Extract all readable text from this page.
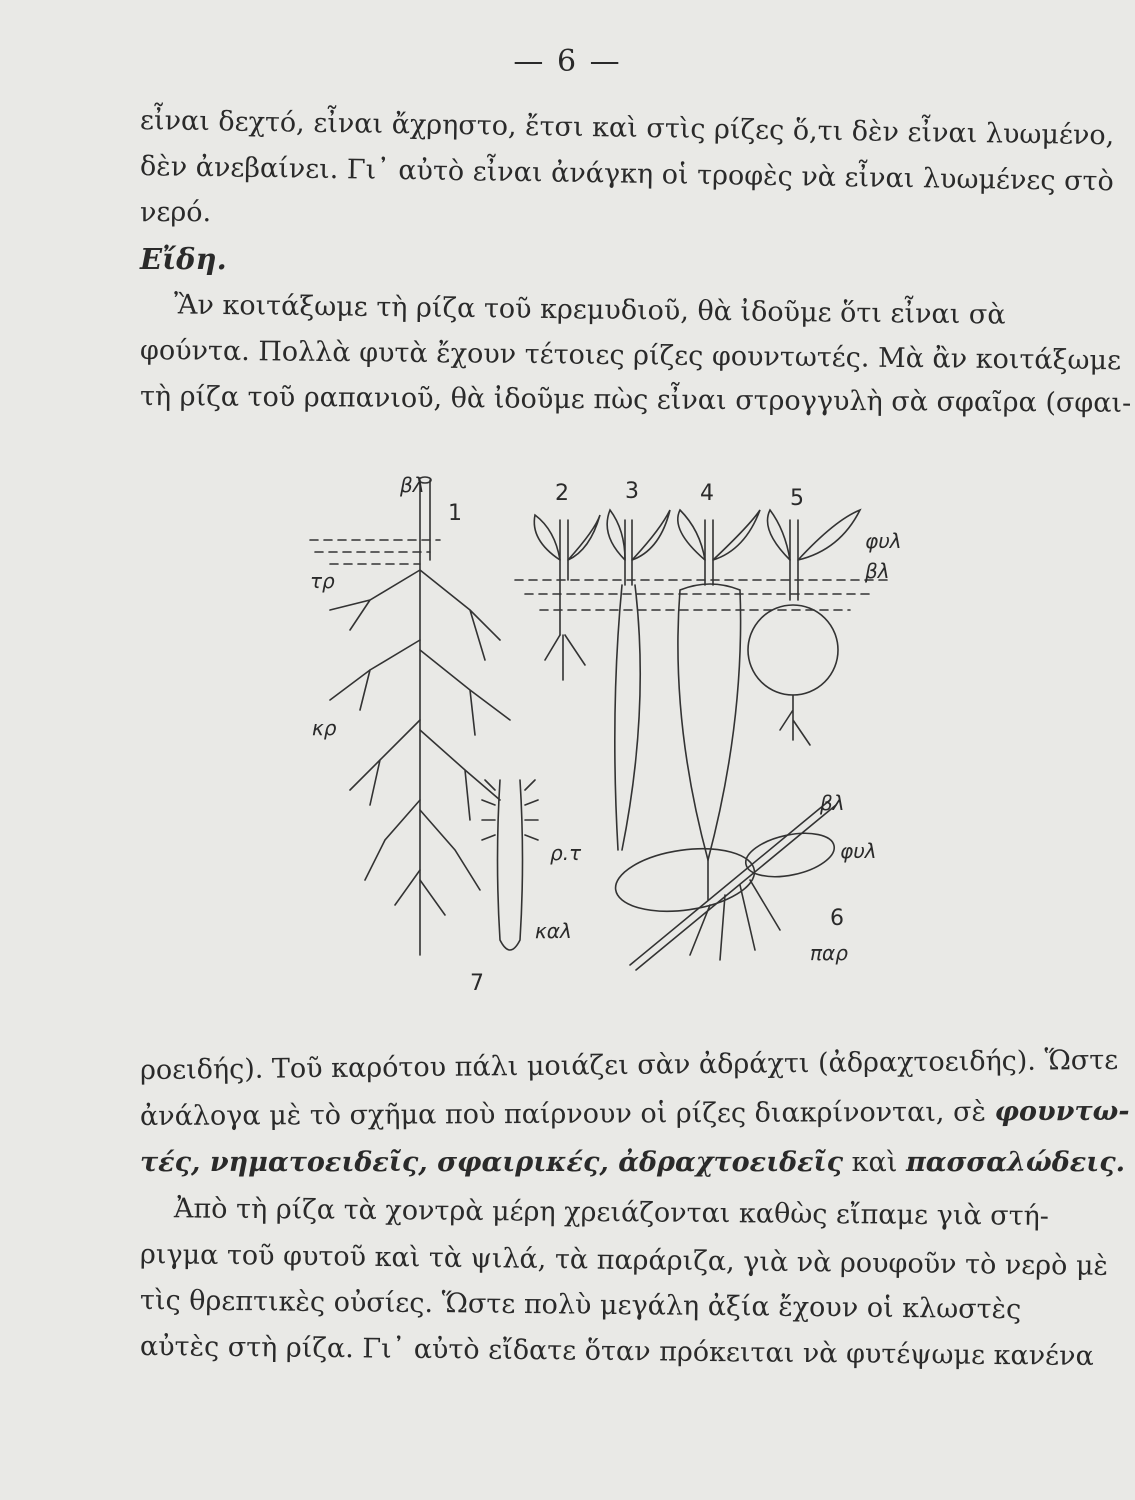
— 6 —
εἶναι δεχτό, εἶναι ἄχρηστο, ἔτσι καὶ στὶς ρίζες ὅ,τι δὲν εἶναι λυωμένο,
δὲν ἀνεβαίνει. Γι᾽ αὐτὸ εἶναι ἀνάγκη οἱ τροφὲς νὰ εἶναι λυωμένες στὸ
νερό.
Εἴδη.
Ἂν κοιτάξωμε τὴ ρίζα τοῦ κρεμυδιοῦ, θὰ ἰδοῦμε ὅτι εἶναι σὰ
φούντα. Πολλὰ φυτὰ ἔχουν τέτοιες ρίζες φουντωτές. Μὰ ἂν κοιτάξωμε
τὴ ρίζα τοῦ ραπανιοῦ, θὰ ἰδοῦμε πὼς εἶναι στρογγυλὴ σὰ σφαῖρα (σφαι-
βλ
1
τρ
κρ
2	3	4	5
φυλ
βλ
ρ.τ
καλ
7
βλ
φυλ
6
παρ
ροειδής). Τοῦ καρότου πάλι μοιάζει σὰν ἀδράχτι (ἀδραχτοειδής). Ὥστε
ἀνάλογα μὲ τὸ σχῆμα ποὺ παίρνουν οἱ ρίζες διακρίνονται, σὲ φουντω-
τές, νηματοειδεῖς, σφαιρικές, ἀδραχτοειδεῖς καὶ πασσαλώδεις.
Ἀπὸ τὴ ρίζα τὰ χοντρὰ μέρη χρειάζονται καθὼς εἴπαμε γιὰ στή-
ριγμα τοῦ φυτοῦ καὶ τὰ ψιλά, τὰ παράριζα, γιὰ νὰ ρουφοῦν τὸ νερὸ μὲ
τὶς θρεπτικὲς οὐσίες. Ὥστε πολὺ μεγάλη ἀξία ἔχουν οἱ κλωστὲς
αὐτὲς στὴ ρίζα. Γι᾽ αὐτὸ εἴδατε ὅταν πρόκειται νὰ φυτέψωμε κανένα
